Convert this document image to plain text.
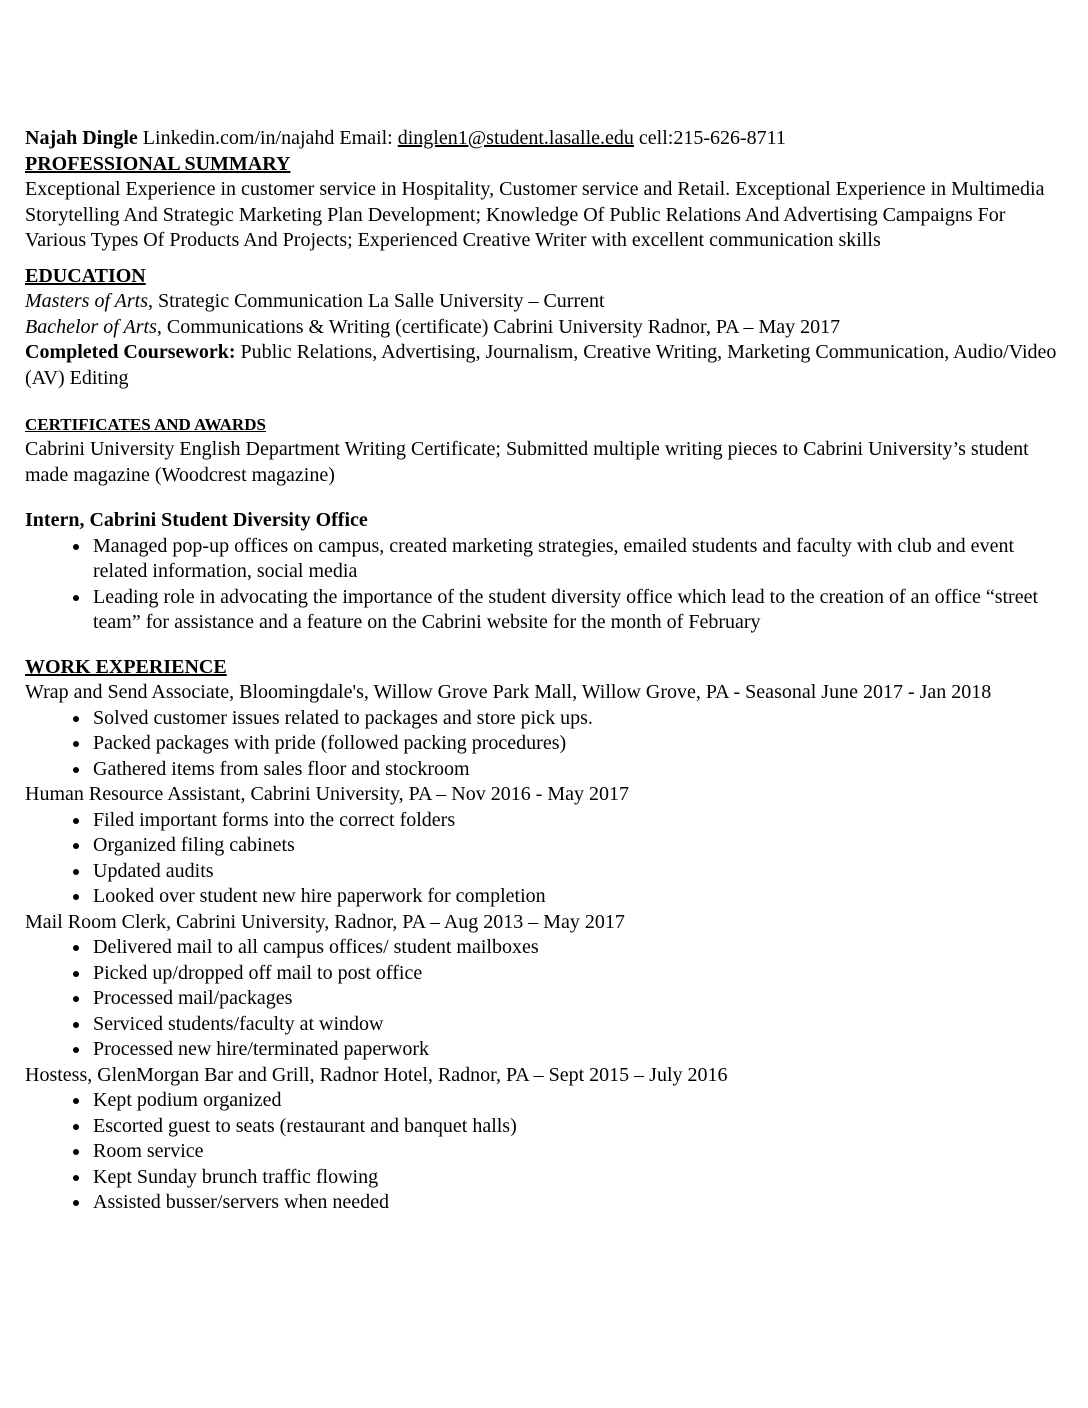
Najah Dingle Linkedin.com/in/najahd Email: dinglen1@student.lasalle.edu cell:215-626-8711

PROFESSIONAL SUMMARY

Exceptional Experience in customer service in Hospitality, Customer service and Retail. Exceptional Experience in Multimedia Storytelling And Strategic Marketing Plan Development; Knowledge Of Public Relations And Advertising Campaigns For Various Types Of Products And Projects; Experienced Creative Writer with excellent communication skills

EDUCATION

Masters of Arts, Strategic Communication La Salle University – Current

Bachelor of Arts, Communications & Writing (certificate) Cabrini University Radnor, PA – May 2017

Completed Coursework: Public Relations, Advertising, Journalism, Creative Writing, Marketing Communication, Audio/Video (AV) Editing

CERTIFICATES AND AWARDS

Cabrini University English Department Writing Certificate; Submitted multiple writing pieces to Cabrini University’s student made magazine (Woodcrest magazine)

Intern, Cabrini Student Diversity Office

• Managed pop-up offices on campus, created marketing strategies, emailed students and faculty with club and event related information, social media
• Leading role in advocating the importance of the student diversity office which lead to the creation of an office “street team” for assistance and a feature on the Cabrini website for the month of February

WORK EXPERIENCE

Wrap and Send Associate, Bloomingdale's, Willow Grove Park Mall, Willow Grove, PA - Seasonal June 2017 - Jan 2018

• Solved customer issues related to packages and store pick ups.
• Packed packages with pride (followed packing procedures)
• Gathered items from sales floor and stockroom

Human Resource Assistant, Cabrini University, PA – Nov 2016 - May 2017

• Filed important forms into the correct folders
• Organized filing cabinets
• Updated audits
• Looked over student new hire paperwork for completion

Mail Room Clerk, Cabrini University, Radnor, PA – Aug 2013 – May 2017

• Delivered mail to all campus offices/ student mailboxes
• Picked up/dropped off mail to post office
• Processed mail/packages
• Serviced students/faculty at window
• Processed new hire/terminated paperwork

Hostess, GlenMorgan Bar and Grill, Radnor Hotel, Radnor, PA – Sept 2015 – July 2016

• Kept podium organized
• Escorted guest to seats (restaurant and banquet halls)
• Room service
• Kept Sunday brunch traffic flowing
• Assisted busser/servers when needed
